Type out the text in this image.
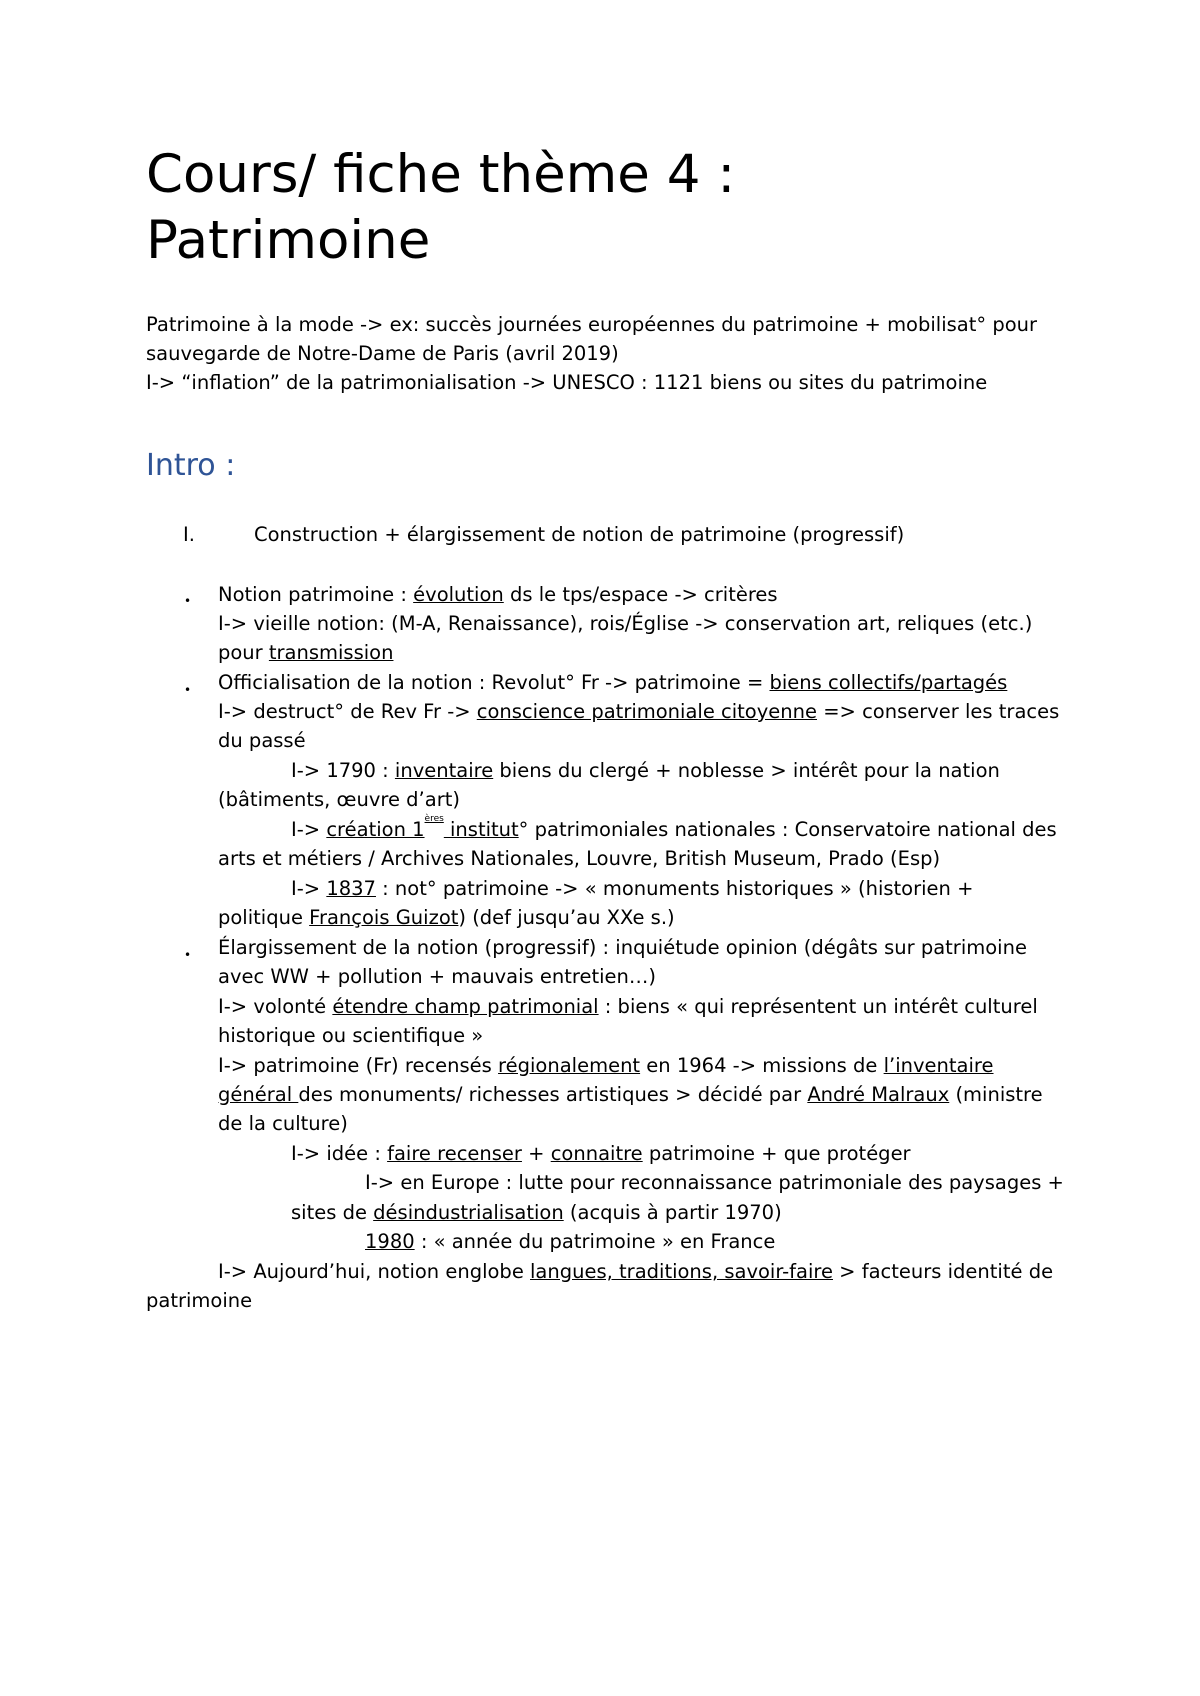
Cours/ fiche thème 4 :
Patrimoine
Patrimoine à la mode -> ex: succès journées européennes du patrimoine + mobilisat° pour
sauvegarde de Notre-Dame de Paris (avril 2019)
I-> “inflation” de la patrimonialisation -> UNESCO : 1121 biens ou sites du patrimoine
Intro :
I.	Construction + élargissement de notion de patrimoine (progressif)
• Notion patrimoine : évolution ds le tps/espace -> critères
I-> vieille notion: (M-A, Renaissance), rois/Église -> conservation art, reliques (etc.)
pour transmission
• Officialisation de la notion : Revolut° Fr -> patrimoine = biens collectifs/partagés
I-> destruct° de Rev Fr -> conscience patrimoniale citoyenne => conserver les traces
du passé
I-> 1790 : inventaire biens du clergé + noblesse > intérêt pour la nation
(bâtiments, œuvre d’art)
I-> création 1ères institut° patrimoniales nationales : Conservatoire national des
arts et métiers / Archives Nationales, Louvre, British Museum, Prado (Esp)
I-> 1837 : not° patrimoine -> « monuments historiques » (historien +
politique François Guizot) (def jusqu’au XXe s.)
• Élargissement de la notion (progressif) : inquiétude opinion (dégâts sur patrimoine
avec WW + pollution + mauvais entretien…)
I-> volonté étendre champ patrimonial : biens « qui représentent un intérêt culturel
historique ou scientifique »
I-> patrimoine (Fr) recensés régionalement en 1964 -> missions de l’inventaire
général des monuments/ richesses artistiques > décidé par André Malraux (ministre
de la culture)
I-> idée : faire recenser + connaitre patrimoine + que protéger
I-> en Europe : lutte pour reconnaissance patrimoniale des paysages +
sites de désindustrialisation (acquis à partir 1970)
1980 : « année du patrimoine » en France
I-> Aujourd’hui, notion englobe langues, traditions, savoir-faire > facteurs identité de
patrimoine
